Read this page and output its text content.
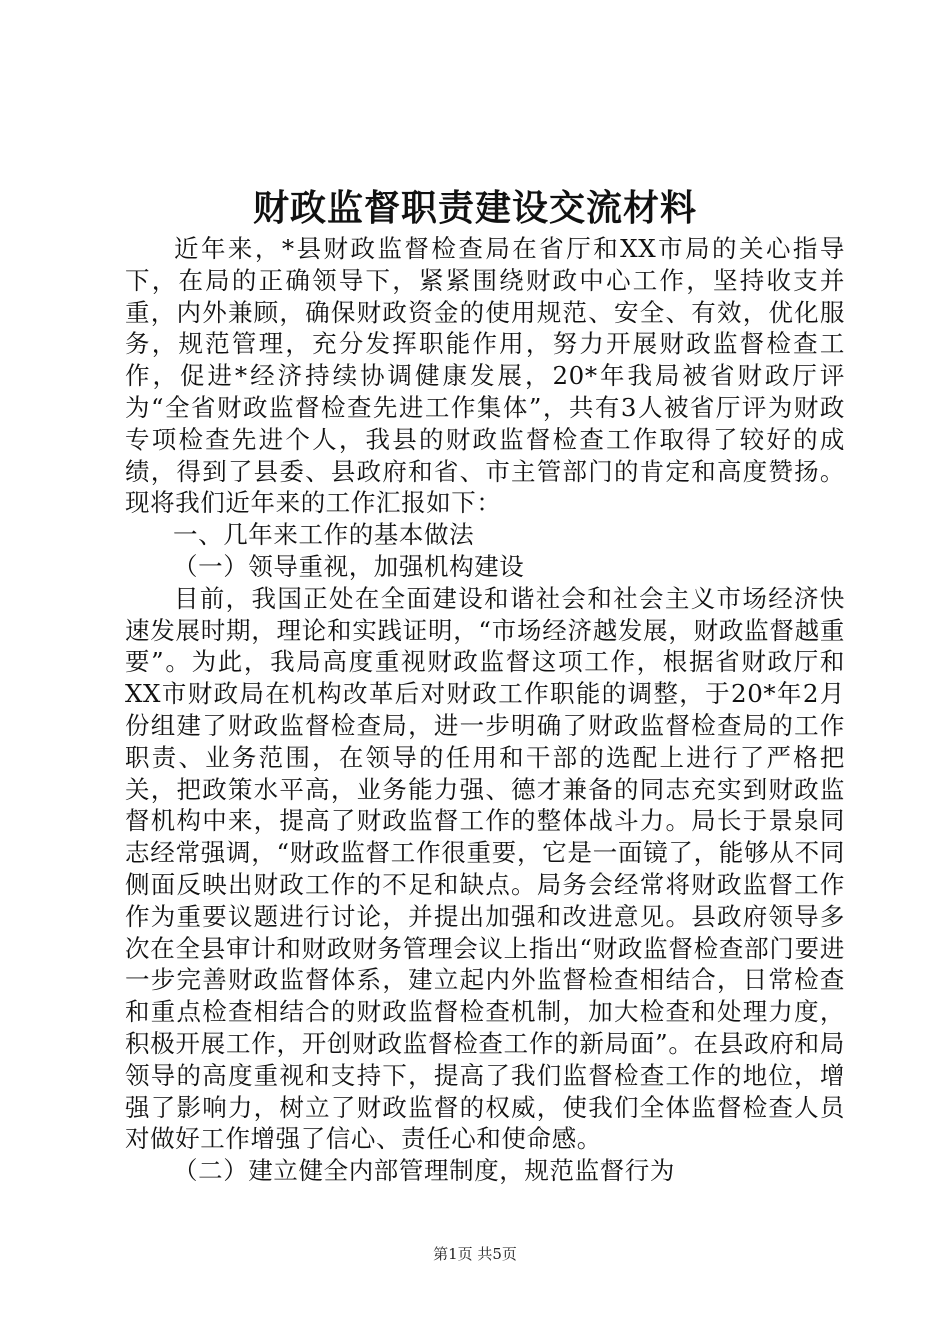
财政监督职责建设交流材料

近年来，*县财政监督检查局在省厅和XX市局的关心指导下，在局的正确领导下，紧紧围绕财政中心工作，坚持收支并重，内外兼顾，确保财政资金的使用规范、安全、有效，优化服务，规范管理，充分发挥职能作用，努力开展财政监督检查工作，促进*经济持续协调健康发展，20*年我局被省财政厅评为“全省财政监督检查先进工作集体”，共有3人被省厅评为财政专项检查先进个人，我县的财政监督检查工作取得了较好的成绩，得到了县委、县政府和省、市主管部门的肯定和高度赞扬。现将我们近年来的工作汇报如下：

一、几年来工作的基本做法

（一）领导重视，加强机构建设

目前，我国正处在全面建设和谐社会和社会主义市场经济快速发展时期，理论和实践证明，“市场经济越发展，财政监督越重要”。为此，我局高度重视财政监督这项工作，根据省财政厅和XX市财政局在机构改革后对财政工作职能的调整，于20*年2月份组建了财政监督检查局，进一步明确了财政监督检查局的工作职责、业务范围，在领导的任用和干部的选配上进行了严格把关，把政策水平高，业务能力强、德才兼备的同志充实到财政监督机构中来，提高了财政监督工作的整体战斗力。局长于景泉同志经常强调，“财政监督工作很重要，它是一面镜了，能够从不同侧面反映出财政工作的不足和缺点。局务会经常将财政监督工作作为重要议题进行讨论，并提出加强和改进意见。县政府领导多次在全县审计和财政财务管理会议上指出“财政监督检查部门要进一步完善财政监督体系，建立起内外监督检查相结合，日常检查和重点检查相结合的财政监督检查机制，加大检查和处理力度，积极开展工作，开创财政监督检查工作的新局面”。在县政府和局领导的高度重视和支持下，提高了我们监督检查工作的地位，增强了影响力，树立了财政监督的权威，使我们全体监督检查人员对做好工作增强了信心、责任心和使命感。

（二）建立健全内部管理制度，规范监督行为

第1页 共5页
